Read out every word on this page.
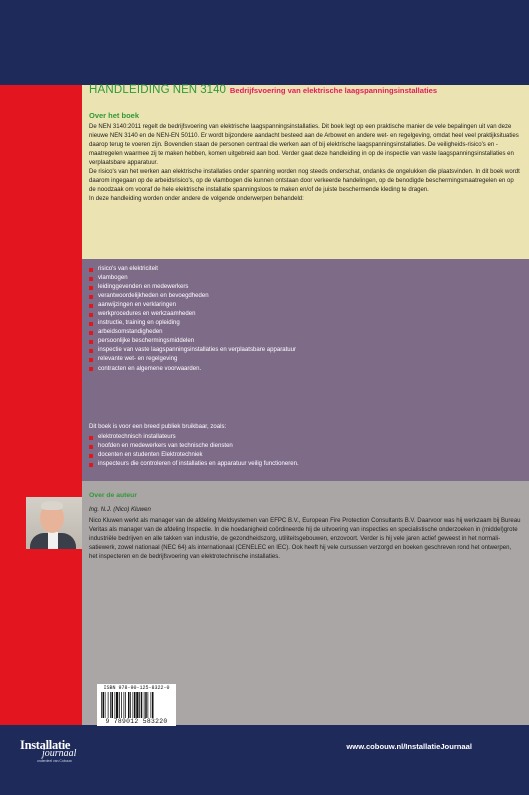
HANDLEIDING NEN 3140 Bedrijfsvoering van elektrische laagspanningsinstallaties
Over het boek

De NEN 3140:2011 regelt de bedrijfsvoering van elektrische laagspanningsinstallaties. Dit boek legt op een praktische manier de vele bepalingen uit van deze nieuwe NEN 3140 en de NEN-EN 50110. Er wordt bijzondere aandacht besteed aan de Arbowet en andere wet- en regelgeving, omdat heel veel praktijksituaties daarop terug te voeren zijn. Bovendien staan de personen centraal die werken aan of bij elektrische laagspanningsinstallaties. De veiligheids-risico's en -maatregelen waarmee zij te maken hebben, komen uitgebreid aan bod. Verder gaat deze handleiding in op de inspectie van vaste laagspanningsinstallaties en verplaatsbare apparatuur.

De risico's van het werken aan elektrische installaties onder spanning worden nog steeds onderschat, ondanks de ongelukken die plaatsvinden. In dit boek wordt daarom ingegaan op de arbeidsrisico's, op de vlambogen die kunnen ontstaan door verkeerde handelingen, op de benodigde beschermingsmaatregelen en op de noodzaak om vooraf de hele elektrische installatie spanningsloos te maken en/of de juiste beschermende kleding te dragen.

In deze handleiding worden onder andere de volgende onderwerpen behandeld:

risico's van elektriciteit
vlambogen
leidinggevenden en medewerkers
verantwoordelijkheden en bevoegdheden
aanwijzingen en verklaringen
werkprocedures en werkzaamheden
instructie, training en opleiding
arbeidsomstandigheden
persoonlijke beschermingsmiddelen
inspectie van vaste laagspanningsinstallaties en verplaatsbare apparatuur
relevante wet- en regelgeving
contracten en algemene voorwaarden.
Dit boek is voor een breed publiek bruikbaar, zoals:
elektrotechnisch installateurs
hoofden en medewerkers van technische diensten
docenten en studenten Elektrotechniek
inspecteurs die controleren of installaties en apparatuur veilig functioneren.
Over de auteur
Ing. N.J. (Nico) Kluwen
Nico Kluwen werkt als manager van de afdeling Meldsystemen van EFPC B.V., European Fire Protection Consultants B.V. Daarvoor was hij werkzaam bij Bureau Veritas als manager van de afdeling Inspectie. In die hoedanigheid coördineerde hij de uitvoering van inspecties en specialistische onderzoeken in (middel)grote industriële bedrijven en alle takken van industrie, de gezondheidszorg, utiliteitsgebouwen, enzovoort. Verder is hij vele jaren actief geweest in het normali-satiewerk, zowel nationaal (NEC 64) als internationaal (CENELEC en IEC). Ook heeft hij vele cursussen verzorgd en boeken geschreven rond het ontwerpen, het inspecteren en de bedrijfsvoering van elektrotechnische installaties.
ISBN 978-90-125-8322-0
9 789012 583220
Installatie
journaal
onderdeel van Cobouw
www.cobouw.nl/InstallatieJournaal
